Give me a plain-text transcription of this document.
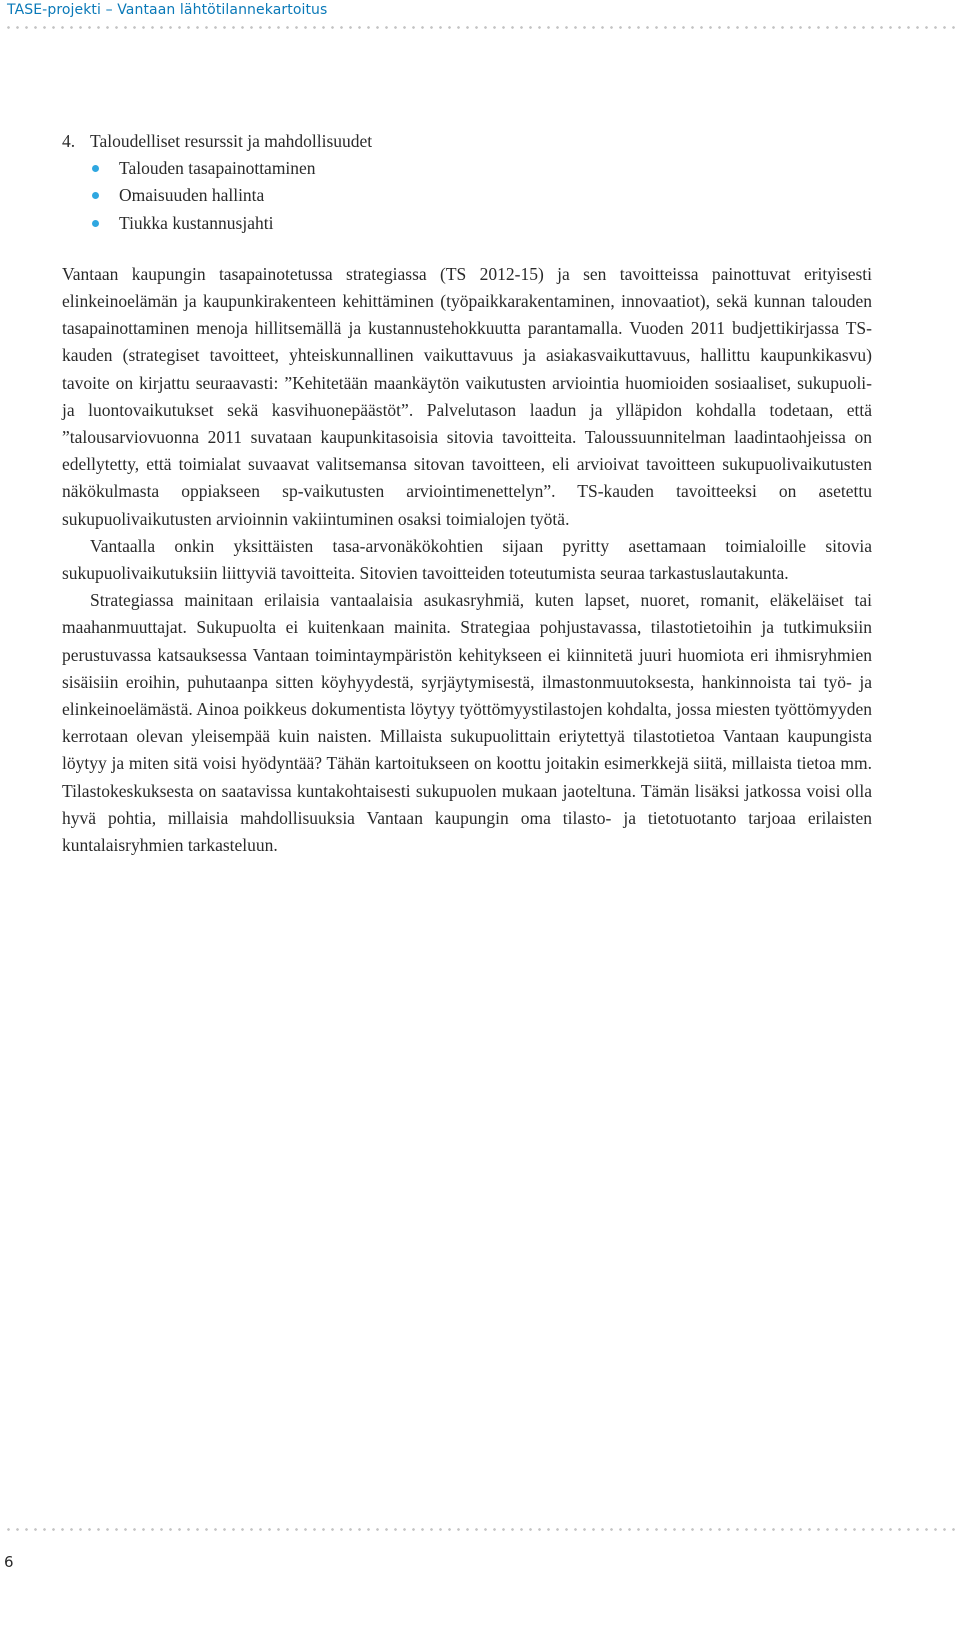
TASE-projekti – Vantaan lähtötilannekartoitus
4. Taloudelliset resurssit ja mahdollisuudet
Talouden tasapainottaminen
Omaisuuden hallinta
Tiukka kustannusjahti

Vantaan kaupungin tasapainotetussa strategiassa (TS 2012-15) ja sen tavoitteissa painottuvat erityisesti elinkeinoelämän ja kaupunkirakenteen kehittäminen (työpaikkarakentaminen, innovaatiot), sekä kunnan talouden tasapainottaminen menoja hillitsemällä ja kustannustehokkuutta parantamalla. Vuoden 2011 budjettikirjassa TS-kauden (strategiset tavoitteet, yhteiskunnallinen vaikuttavuus ja asiakasvaikuttavuus, hallittu kaupunkikasvu) tavoite on kirjattu seuraavasti: ”Kehitetään maankäytön vaikutusten arviointia huomioiden sosiaaliset, sukupuoli- ja luontovaikutukset sekä kasvihuonepäästöt”. Palvelutason laadun ja ylläpidon kohdalla todetaan, että ”talousarviovuonna 2011 suvataan kaupunkitasoisia sitovia tavoitteita. Taloussuunnitelman laadintaohjeissa on edellytetty, että toimialat suvaavat valitsemansa sitovan tavoitteen, eli arvioivat tavoitteen sukupuolivaikutusten näkökulmasta oppiakseen sp-vaikutusten arviointimenettelyn”. TS-kauden tavoitteeksi on asetettu sukupuolivaikutusten arvioinnin vakiintuminen osaksi toimialojen työtä.

Vantaalla onkin yksittäisten tasa-arvonäkökohtien sijaan pyritty asettamaan toimialoille sitovia sukupuolivaikutuksiin liittyviä tavoitteita. Sitovien tavoitteiden toteutumista seuraa tarkastuslautakunta.

Strategiassa mainitaan erilaisia vantaalaisia asukasryhmiä, kuten lapset, nuoret, romanit, eläkeläiset tai maahanmuuttajat. Sukupuolta ei kuitenkaan mainita. Strategiaa pohjustavassa, tilastotietoihin ja tutkimuksiin perustuvassa katsauksessa Vantaan toimintaympäristön kehitykseen ei kiinnitetä juuri huomiota eri ihmisryhmien sisäisiin eroihin, puhutaanpa sitten köyhyydestä, syrjäytymisestä, ilmastonmuutoksesta, hankinnoista tai työ- ja elinkeinoelämästä. Ainoa poikkeus dokumentista löytyy työttömyystilastojen kohdalta, jossa miesten työttömyyden kerrotaan olevan yleisempää kuin naisten. Millaista sukupuolittain eriytettyä tilastotietoa Vantaan kaupungista löytyy ja miten sitä voisi hyödyntää? Tähän kartoitukseen on koottu joitakin esimerkkejä siitä, millaista tietoa mm. Tilastokeskuksesta on saatavissa kuntakohtaisesti sukupuolen mukaan jaoteltuna. Tämän lisäksi jatkossa voisi olla hyvä pohtia, millaisia mahdollisuuksia Vantaan kaupungin oma tilasto- ja tietotuotanto tarjoaa erilaisten kuntalaisryhmien tarkasteluun.

6
